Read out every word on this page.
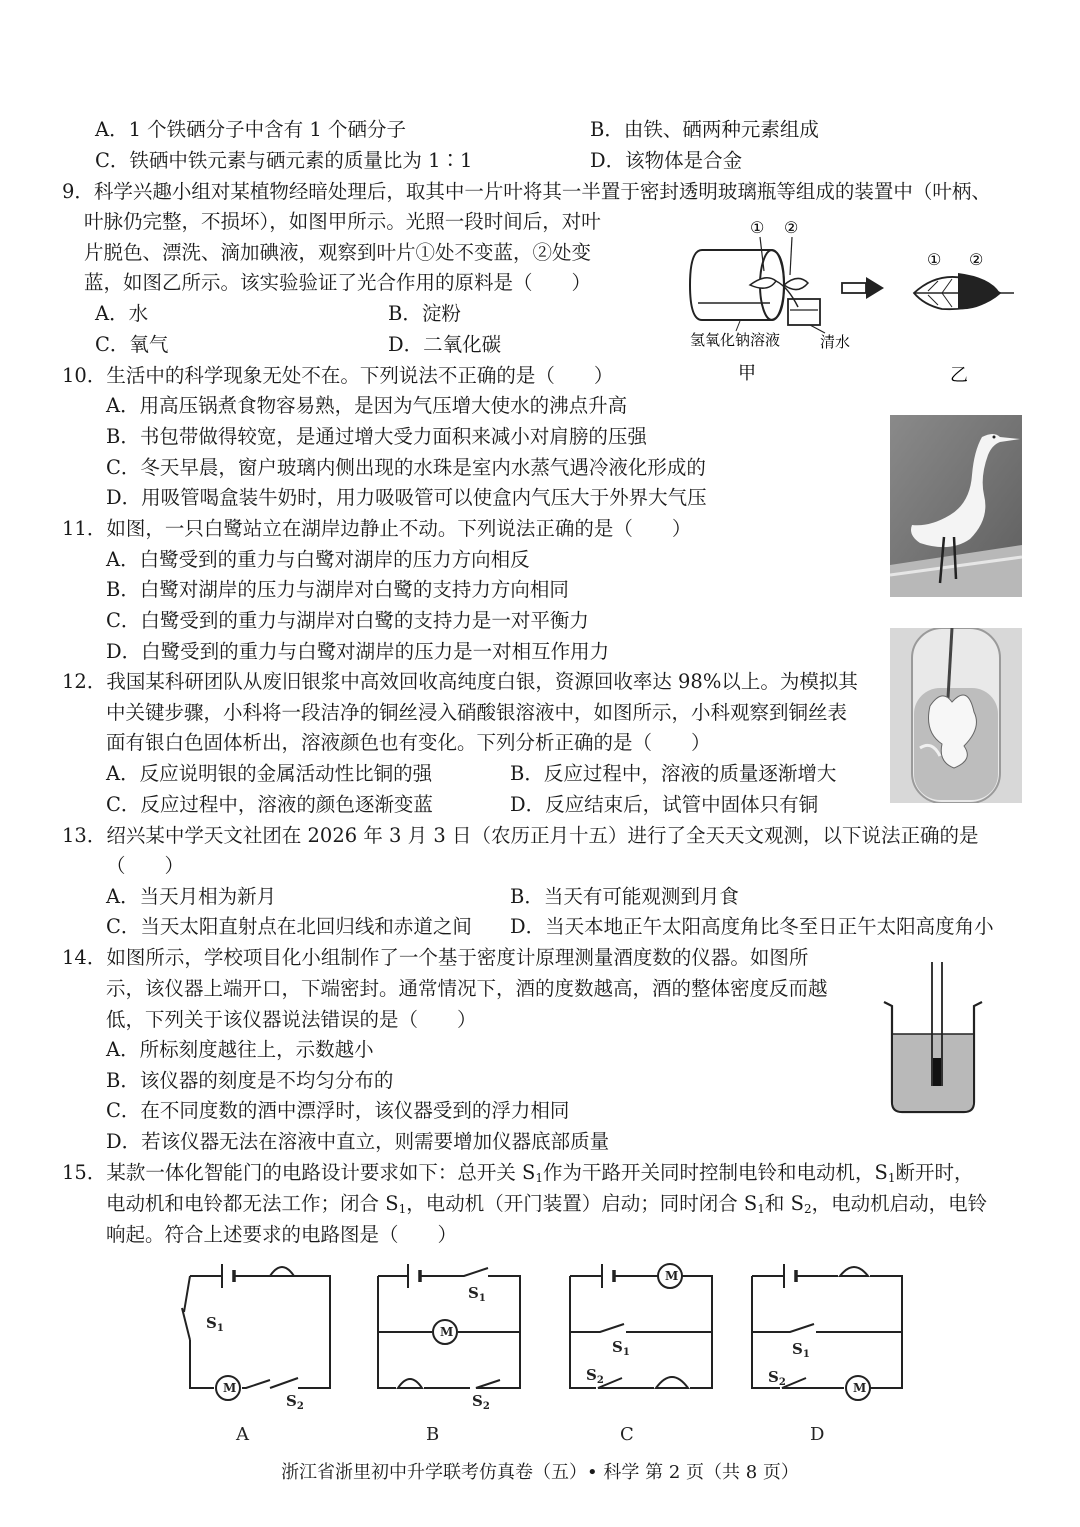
A．1 个铁硒分子中含有 1 个硒分子	B．由铁、硒两种元素组成
C．铁硒中铁元素与硒元素的质量比为 1∶1	D．该物体是合金
9．科学兴趣小组对某植物经暗处理后，取其中一片叶将其一半置于密封透明玻璃瓶等组成的装置中（叶柄、
叶脉仍完整，不损坏），如图甲所示。光照一段时间后，对叶
片脱色、漂洗、滴加碘液，观察到叶片①处不变蓝，②处变
蓝，如图乙所示。该实验验证了光合作用的原料是（　　）
A．水	B．淀粉
C．氧气	D．二氧化碳
① ②
氢氧化钠溶液	清水
① ②
甲	乙
10．生活中的科学现象无处不在。下列说法不正确的是（　　）
A．用高压锅煮食物容易熟，是因为气压增大使水的沸点升高
B．书包带做得较宽，是通过增大受力面积来减小对肩膀的压强
C．冬天早晨，窗户玻璃内侧出现的水珠是室内水蒸气遇冷液化形成的
D．用吸管喝盒装牛奶时，用力吸吸管可以使盒内气压大于外界大气压
11．如图，一只白鹭站立在湖岸边静止不动。下列说法正确的是（　　）
A．白鹭受到的重力与白鹭对湖岸的压力方向相反
B．白鹭对湖岸的压力与湖岸对白鹭的支持力方向相同
C．白鹭受到的重力与湖岸对白鹭的支持力是一对平衡力
D．白鹭受到的重力与白鹭对湖岸的压力是一对相互作用力
12．我国某科研团队从废旧银浆中高效回收高纯度白银，资源回收率达 98%以上。为模拟其
中关键步骤，小科将一段洁净的铜丝浸入硝酸银溶液中，如图所示，小科观察到铜丝表
面有银白色固体析出，溶液颜色也有变化。下列分析正确的是（　　）
A．反应说明银的金属活动性比铜的强	B．反应过程中，溶液的质量逐渐增大
C．反应过程中，溶液的颜色逐渐变蓝	D．反应结束后，试管中固体只有铜
13．绍兴某中学天文社团在 2026 年 3 月 3 日（农历正月十五）进行了全天天文观测，以下说法正确的是
（　　）
A．当天月相为新月	B．当天有可能观测到月食
C．当天太阳直射点在北回归线和赤道之间 D．当天本地正午太阳高度角比冬至日正午太阳高度角小
14．如图所示，学校项目化小组制作了一个基于密度计原理测量酒度数的仪器。如图所
示，该仪器上端开口，下端密封。通常情况下，酒的度数越高，酒的整体密度反而越
低，下列关于该仪器说法错误的是（　　）
A．所标刻度越往上，示数越小
B．该仪器的刻度是不均匀分布的
C．在不同度数的酒中漂浮时，该仪器受到的浮力相同
D．若该仪器无法在溶液中直立，则需要增加仪器底部质量
15．某款一体化智能门的电路设计要求如下：总开关 $S_1$作为干路开关同时控制电铃和电动机，$S_1$断开时，
电动机和电铃都无法工作；闭合 $S_1$，电动机（开门装置）启动；同时闭合 $S_1$和 $S_2$，电动机启动，电铃
响起。符合上述要求的电路图是（　　）
$S_1$
$S_2$
M
A
$S_1$
$S_2$
M
B
$S_1$
$S_2$
M
C
$S_1$
$S_2$	M
D
浙江省浙里初中升学联考仿真卷（五）• 科学 第 2 页（共 8 页）
